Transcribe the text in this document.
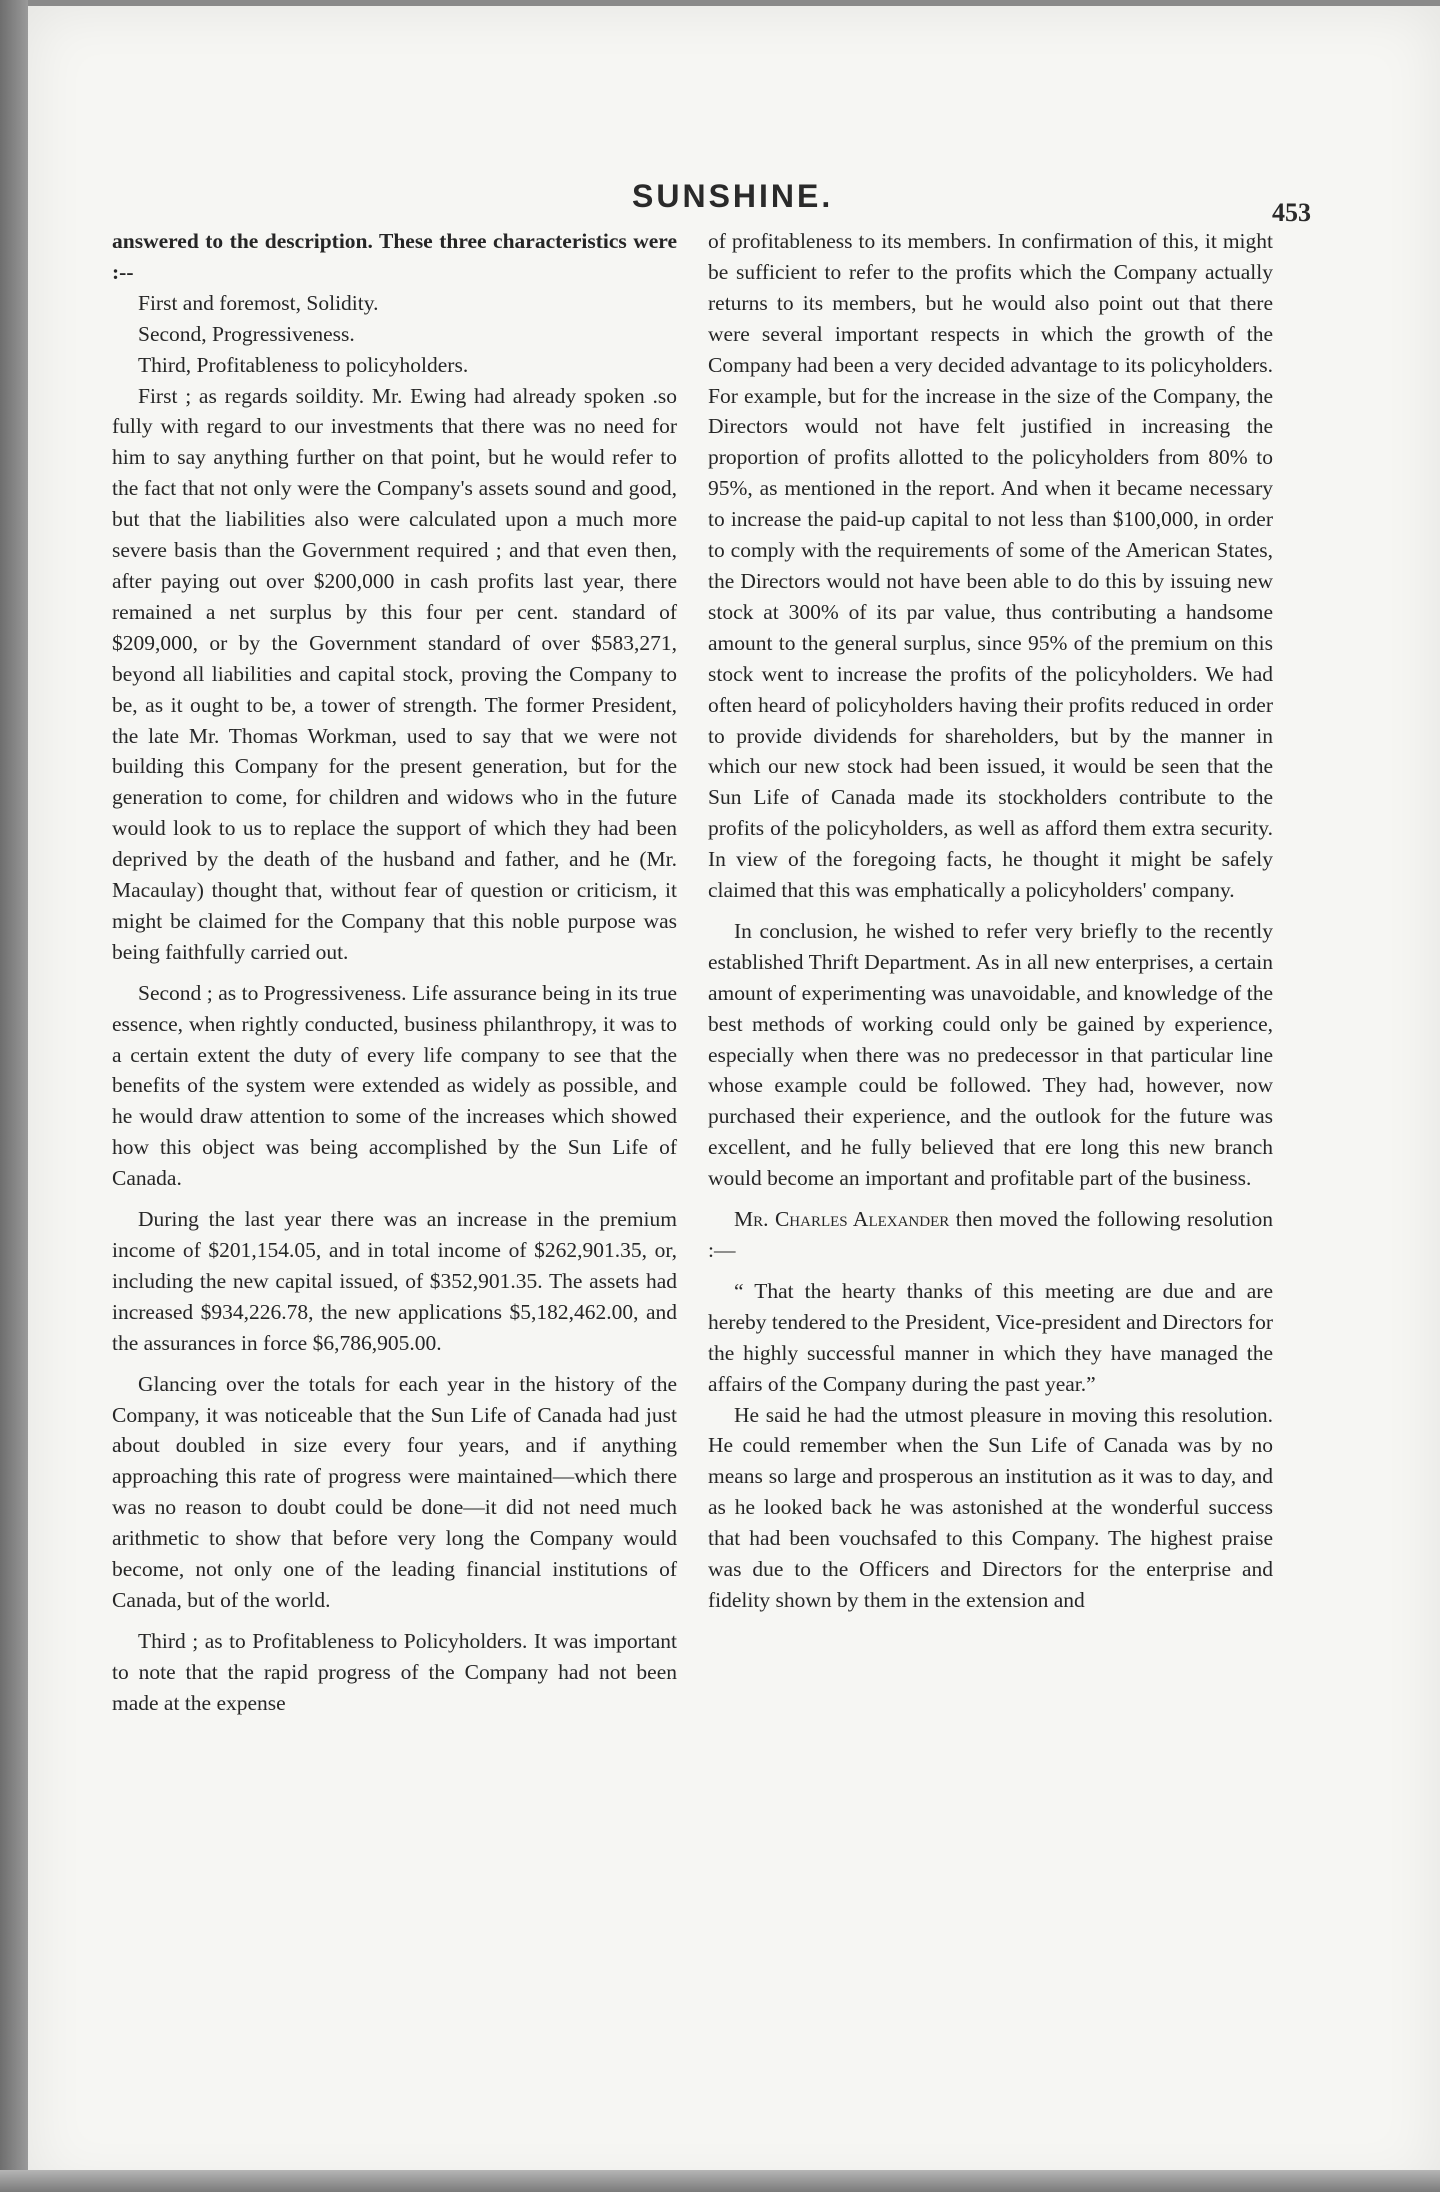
SUNSHINE.	453

answered to the description. These three characteristics were :--

First and foremost, Solidity.

Second, Progressiveness.

Third, Profitableness to policyholders.

First ; as regards soildity. Mr. Ewing had already spoken .so fully with regard to our investments that there was no need for him to say anything further on that point, but he would refer to the fact that not only were the Company's assets sound and good, but that the liabilities also were calculated upon a much more severe basis than the Government required ; and that even then, after paying out over $200,000 in cash profits last year, there remained a net surplus by this four per cent. standard of $209,000, or by the Government standard of over $583,271, beyond all liabilities and capital stock, proving the Company to be, as it ought to be, a tower of strength. The former President, the late Mr. Thomas Workman, used to say that we were not building this Company for the present generation, but for the generation to come, for children and widows who in the future would look to us to replace the support of which they had been deprived by the death of the husband and father, and he (Mr. Macaulay) thought that, without fear of question or criticism, it might be claimed for the Company that this noble purpose was being faithfully carried out.

Second ; as to Progressiveness. Life assurance being in its true essence, when rightly conducted, business philanthropy, it was to a certain extent the duty of every life company to see that the benefits of the system were extended as widely as possible, and he would draw attention to some of the increases which showed how this object was being accomplished by the Sun Life of Canada.

During the last year there was an increase in the premium income of $201,154.05, and in total income of $262,901.35, or, including the new capital issued, of $352,901.35. The assets had increased $934,226.78, the new applications $5,182,462.00, and the assurances in force $6,786,905.00.

Glancing over the totals for each year in the history of the Company, it was noticeable that the Sun Life of Canada had just about doubled in size every four years, and if anything approaching this rate of progress were maintained—which there was no reason to doubt could be done—it did not need much arithmetic to show that before very long the Company would become, not only one of the leading financial institutions of Canada, but of the world.

Third ; as to Profitableness to Policyholders. It was important to note that the rapid progress of the Company had not been made at the expense

of profitableness to its members. In confirmation of this, it might be sufficient to refer to the profits which the Company actually returns to its members, but he would also point out that there were several important respects in which the growth of the Company had been a very decided advantage to its policyholders. For example, but for the increase in the size of the Company, the Directors would not have felt justified in increasing the proportion of profits allotted to the policyholders from 80% to 95%, as mentioned in the report. And when it became necessary to increase the paid-up capital to not less than $100,000, in order to comply with the requirements of some of the American States, the Directors would not have been able to do this by issuing new stock at 300% of its par value, thus contributing a handsome amount to the general surplus, since 95% of the premium on this stock went to increase the profits of the policyholders. We had often heard of policyholders having their profits reduced in order to provide dividends for shareholders, but by the manner in which our new stock had been issued, it would be seen that the Sun Life of Canada made its stockholders contribute to the profits of the policyholders, as well as afford them extra security. In view of the foregoing facts, he thought it might be safely claimed that this was emphatically a policyholders' company.

In conclusion, he wished to refer very briefly to the recently established Thrift Department. As in all new enterprises, a certain amount of experimenting was unavoidable, and knowledge of the best methods of working could only be gained by experience, especially when there was no predecessor in that particular line whose example could be followed. They had, however, now purchased their experience, and the outlook for the future was excellent, and he fully believed that ere long this new branch would become an important and profitable part of the business.

Mr. Charles Alexander then moved the following resolution :—

“ That the hearty thanks of this meeting are due and are hereby tendered to the President, Vice-president and Directors for the highly successful manner in which they have managed the affairs of the Company during the past year.”

He said he had the utmost pleasure in moving this resolution. He could remember when the Sun Life of Canada was by no means so large and prosperous an institution as it was to day, and as he looked back he was astonished at the wonderful success that had been vouchsafed to this Company. The highest praise was due to the Officers and Directors for the enterprise and fidelity shown by them in the extension and
